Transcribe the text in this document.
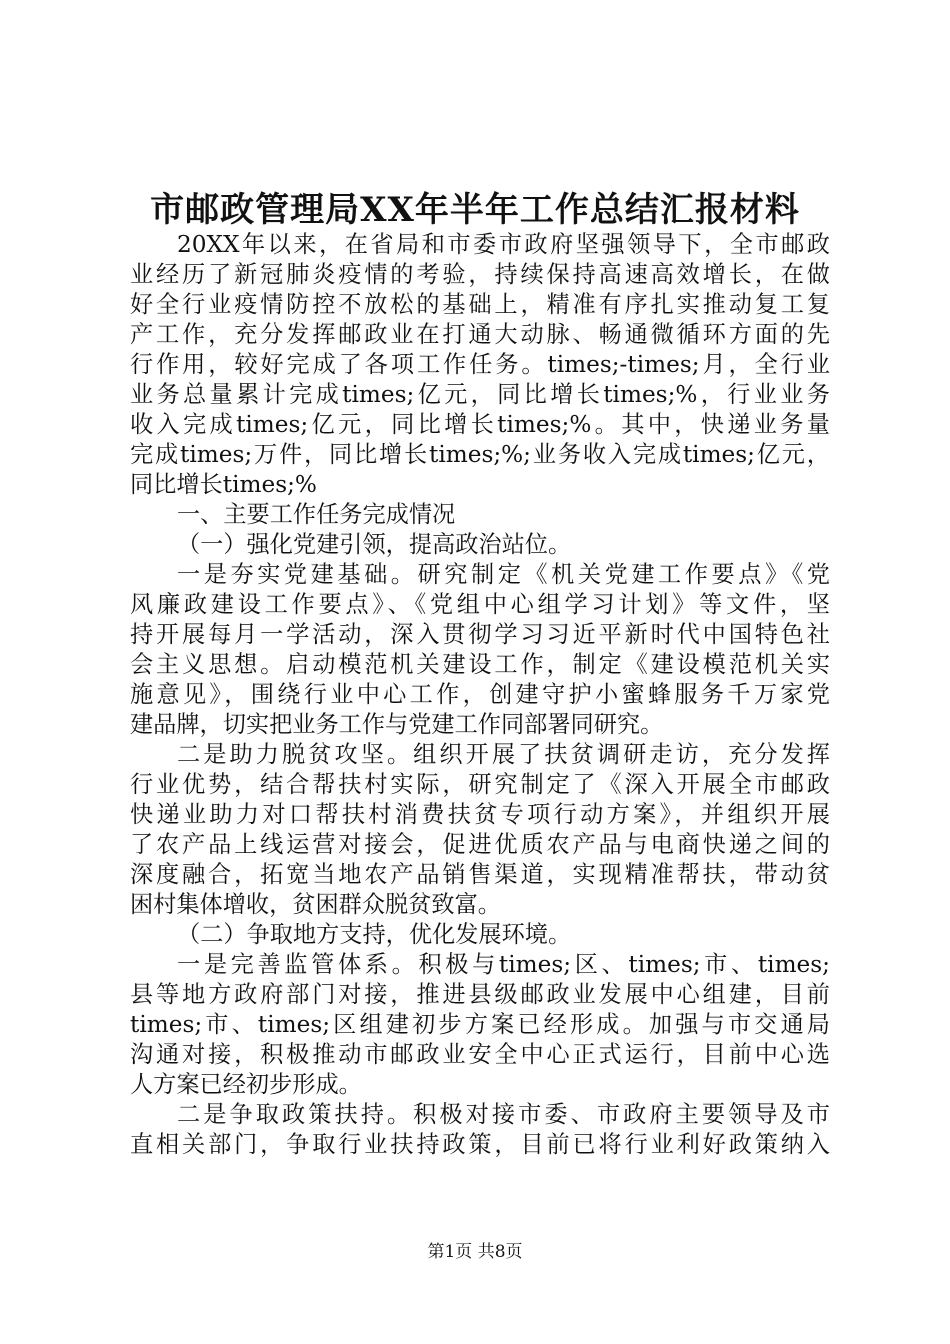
市邮政管理局XX年半年工作总结汇报材料
20XX年以来，在省局和市委市政府坚强领导下，全市邮政
业经历了新冠肺炎疫情的考验，持续保持高速高效增长，在做
好全行业疫情防控不放松的基础上，精准有序扎实推动复工复
产工作，充分发挥邮政业在打通大动脉、畅通微循环方面的先
行作用，较好完成了各项工作任务。times;-times;月，全行业
业务总量累计完成times;亿元，同比增长times;%，行业业务
收入完成times;亿元，同比增长times;%。其中，快递业务量
完成times;万件，同比增长times;%;业务收入完成times;亿元，
同比增长times;%
一、主要工作任务完成情况
（一）强化党建引领，提高政治站位。
一是夯实党建基础。研究制定《机关党建工作要点》《党
风廉政建设工作要点》、《党组中心组学习计划》等文件，坚
持开展每月一学活动，深入贯彻学习习近平新时代中国特色社
会主义思想。启动模范机关建设工作，制定《建设模范机关实
施意见》，围绕行业中心工作，创建守护小蜜蜂服务千万家党
建品牌，切实把业务工作与党建工作同部署同研究。
二是助力脱贫攻坚。组织开展了扶贫调研走访，充分发挥
行业优势，结合帮扶村实际，研究制定了《深入开展全市邮政
快递业助力对口帮扶村消费扶贫专项行动方案》，并组织开展
了农产品上线运营对接会，促进优质农产品与电商快递之间的
深度融合，拓宽当地农产品销售渠道，实现精准帮扶，带动贫
困村集体增收，贫困群众脱贫致富。
（二）争取地方支持，优化发展环境。
一是完善监管体系。积极与times;区、times;市、times;
县等地方政府部门对接，推进县级邮政业发展中心组建，目前
times;市、times;区组建初步方案已经形成。加强与市交通局
沟通对接，积极推动市邮政业安全中心正式运行，目前中心选
人方案已经初步形成。
二是争取政策扶持。积极对接市委、市政府主要领导及市
直相关部门，争取行业扶持政策，目前已将行业利好政策纳入
第1页 共8页
